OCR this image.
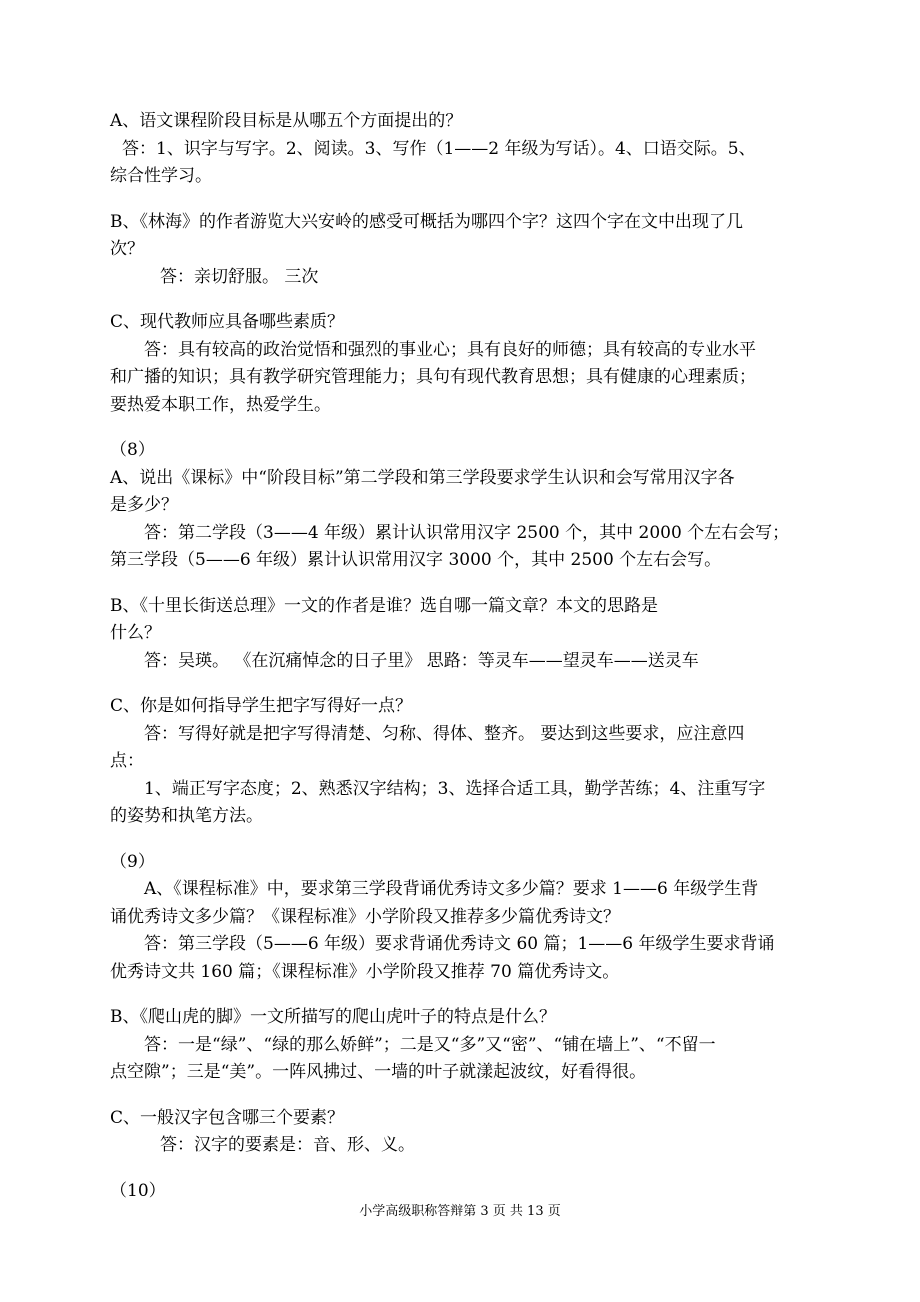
A、语文课程阶段目标是从哪五个方面提出的？
答：1、识字与写字。2、阅读。3、写作（1——2 年级为写话）。4、口语交际。5、
综合性学习。
B、《林海》的作者游览大兴安岭的感受可概括为哪四个字？这四个字在文中出现了几
次？
答：亲切舒服。 三次
C、现代教师应具备哪些素质？
答：具有较高的政治觉悟和强烈的事业心；具有良好的师德；具有较高的专业水平
和广播的知识；具有教学研究管理能力；具句有现代教育思想；具有健康的心理素质；
要热爱本职工作，热爱学生。
（8）
A、说出《课标》中“阶段目标”第二学段和第三学段要求学生认识和会写常用汉字各
是多少？
答：第二学段（3——4 年级）累计认识常用汉字 2500 个，其中 2000 个左右会写；
第三学段（5——6 年级）累计认识常用汉字 3000 个，其中 2500 个左右会写。
B、《十里长街送总理》一文的作者是谁？选自哪一篇文章？本文的思路是
什么？
答：吴瑛。 《在沉痛悼念的日子里》 思路：等灵车——望灵车——送灵车
C、你是如何指导学生把字写得好一点？
答：写得好就是把字写得清楚、匀称、得体、整齐。 要达到这些要求，应注意四
点：
1、端正写字态度；2、熟悉汉字结构；3、选择合适工具，勤学苦练；4、注重写字
的姿势和执笔方法。
（9）
A、《课程标准》中，要求第三学段背诵优秀诗文多少篇？要求 1——6 年级学生背
诵优秀诗文多少篇？《课程标准》小学阶段又推荐多少篇优秀诗文？
答：第三学段（5——6 年级）要求背诵优秀诗文 60 篇；1——6 年级学生要求背诵
优秀诗文共 160 篇；《课程标准》小学阶段又推荐 70 篇优秀诗文。
B、《爬山虎的脚》一文所描写的爬山虎叶子的特点是什么？
答：一是“绿”、“绿的那么娇鲜”；二是又“多”又“密”、“铺在墙上”、“不留一
点空隙”；三是“美”。一阵风拂过、一墙的叶子就漾起波纹，好看得很。
C、一般汉字包含哪三个要素？
答：汉字的要素是：音、形、义。
（10）
小学高级职称答辩第 3 页 共 13 页
